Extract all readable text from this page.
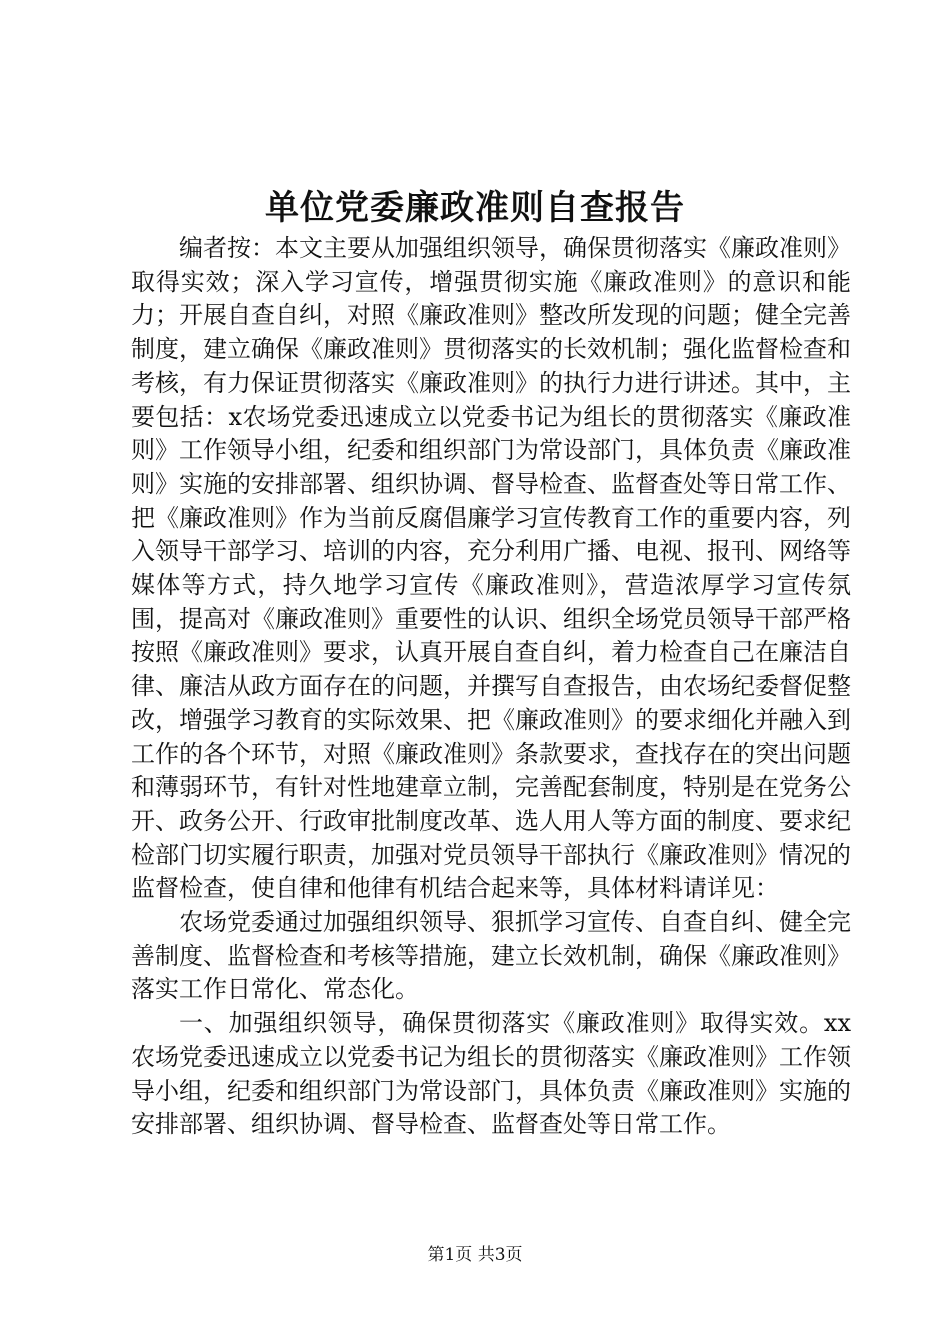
单位党委廉政准则自查报告

编者按：本文主要从加强组织领导，确保贯彻落实《廉政准则》取得实效；深入学习宣传，增强贯彻实施《廉政准则》的意识和能力；开展自查自纠，对照《廉政准则》整改所发现的问题；健全完善制度，建立确保《廉政准则》贯彻落实的长效机制；强化监督检查和考核，有力保证贯彻落实《廉政准则》的执行力进行讲述。其中，主要包括：x农场党委迅速成立以党委书记为组长的贯彻落实《廉政准则》工作领导小组，纪委和组织部门为常设部门，具体负责《廉政准则》实施的安排部署、组织协调、督导检查、监督查处等日常工作、把《廉政准则》作为当前反腐倡廉学习宣传教育工作的重要内容，列入领导干部学习、培训的内容，充分利用广播、电视、报刊、网络等媒体等方式，持久地学习宣传《廉政准则》，营造浓厚学习宣传氛围，提高对《廉政准则》重要性的认识、组织全场党员领导干部严格按照《廉政准则》要求，认真开展自查自纠，着力检查自己在廉洁自律、廉洁从政方面存在的问题，并撰写自查报告，由农场纪委督促整改，增强学习教育的实际效果、把《廉政准则》的要求细化并融入到工作的各个环节，对照《廉政准则》条款要求，查找存在的突出问题和薄弱环节，有针对性地建章立制，完善配套制度，特别是在党务公开、政务公开、行政审批制度改革、选人用人等方面的制度、要求纪检部门切实履行职责，加强对党员领导干部执行《廉政准则》情况的监督检查，使自律和他律有机结合起来等，具体材料请详见：

农场党委通过加强组织领导、狠抓学习宣传、自查自纠、健全完善制度、监督检查和考核等措施，建立长效机制，确保《廉政准则》落实工作日常化、常态化。

一、加强组织领导，确保贯彻落实《廉政准则》取得实效。xx农场党委迅速成立以党委书记为组长的贯彻落实《廉政准则》工作领导小组，纪委和组织部门为常设部门，具体负责《廉政准则》实施的安排部署、组织协调、督导检查、监督查处等日常工作。

第1页 共3页
